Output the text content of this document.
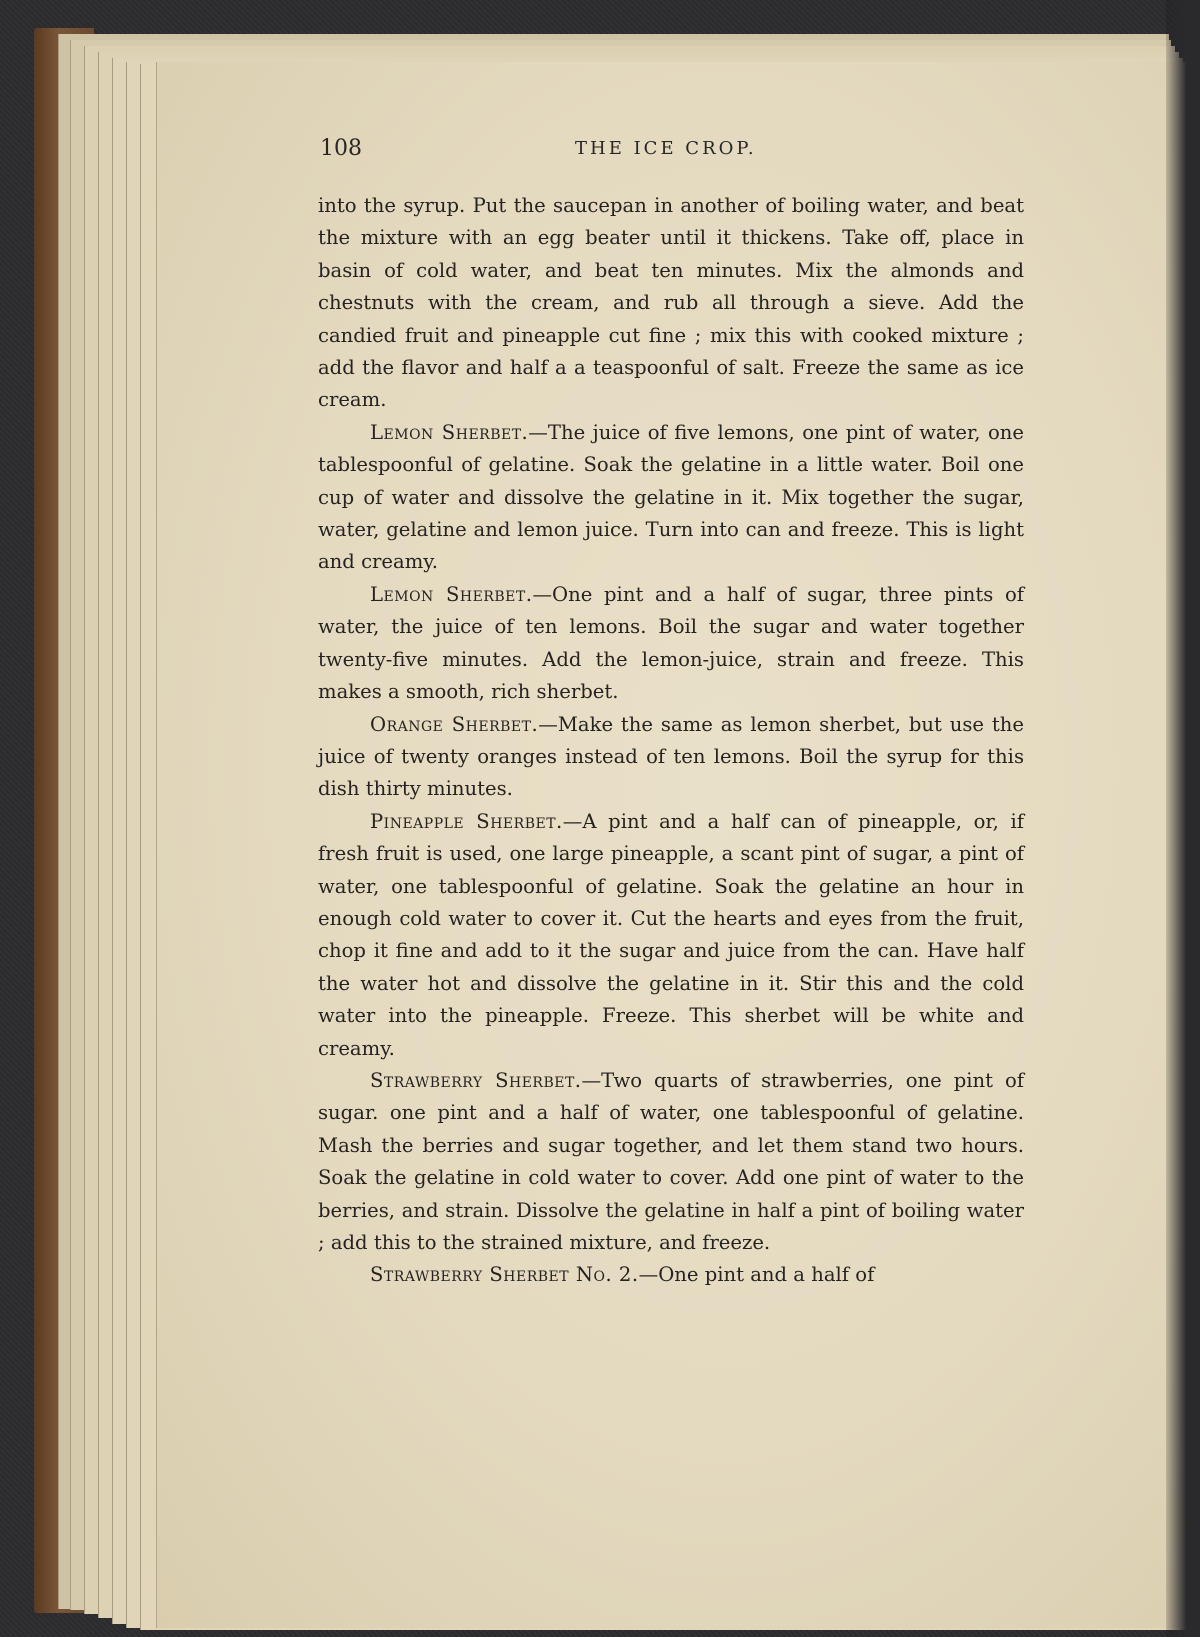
108	THE ICE CROP.

into the syrup. Put the saucepan in another of boiling water, and beat the mixture with an egg beater until it thickens. Take off, place in basin of cold water, and beat ten minutes. Mix the almonds and chestnuts with the cream, and rub all through a sieve. Add the candied fruit and pineapple cut fine ; mix this with cooked mixture ; add the flavor and half a a teaspoonful of salt. Freeze the same as ice cream.

Lemon Sherbet.—The juice of five lemons, one pint of water, one tablespoonful of gelatine. Soak the gelatine in a little water. Boil one cup of water and dissolve the gelatine in it. Mix together the sugar, water, gelatine and lemon juice. Turn into can and freeze. This is light and creamy.

Lemon Sherbet.—One pint and a half of sugar, three pints of water, the juice of ten lemons. Boil the sugar and water together twenty-five minutes. Add the lemon-juice, strain and freeze. This makes a smooth, rich sherbet.

Orange Sherbet.—Make the same as lemon sherbet, but use the juice of twenty oranges instead of ten lemons. Boil the syrup for this dish thirty minutes.

Pineapple Sherbet.—A pint and a half can of pineapple, or, if fresh fruit is used, one large pineapple, a scant pint of sugar, a pint of water, one tablespoonful of gelatine. Soak the gelatine an hour in enough cold water to cover it. Cut the hearts and eyes from the fruit, chop it fine and add to it the sugar and juice from the can. Have half the water hot and dissolve the gelatine in it. Stir this and the cold water into the pineapple. Freeze. This sherbet will be white and creamy.

Strawberry Sherbet.—Two quarts of strawberries, one pint of sugar. one pint and a half of water, one tablespoonful of gelatine. Mash the berries and sugar together, and let them stand two hours. Soak the gelatine in cold water to cover. Add one pint of water to the berries, and strain. Dissolve the gelatine in half a pint of boiling water ; add this to the strained mixture, and freeze.

Strawberry Sherbet No. 2.—One pint and a half of
